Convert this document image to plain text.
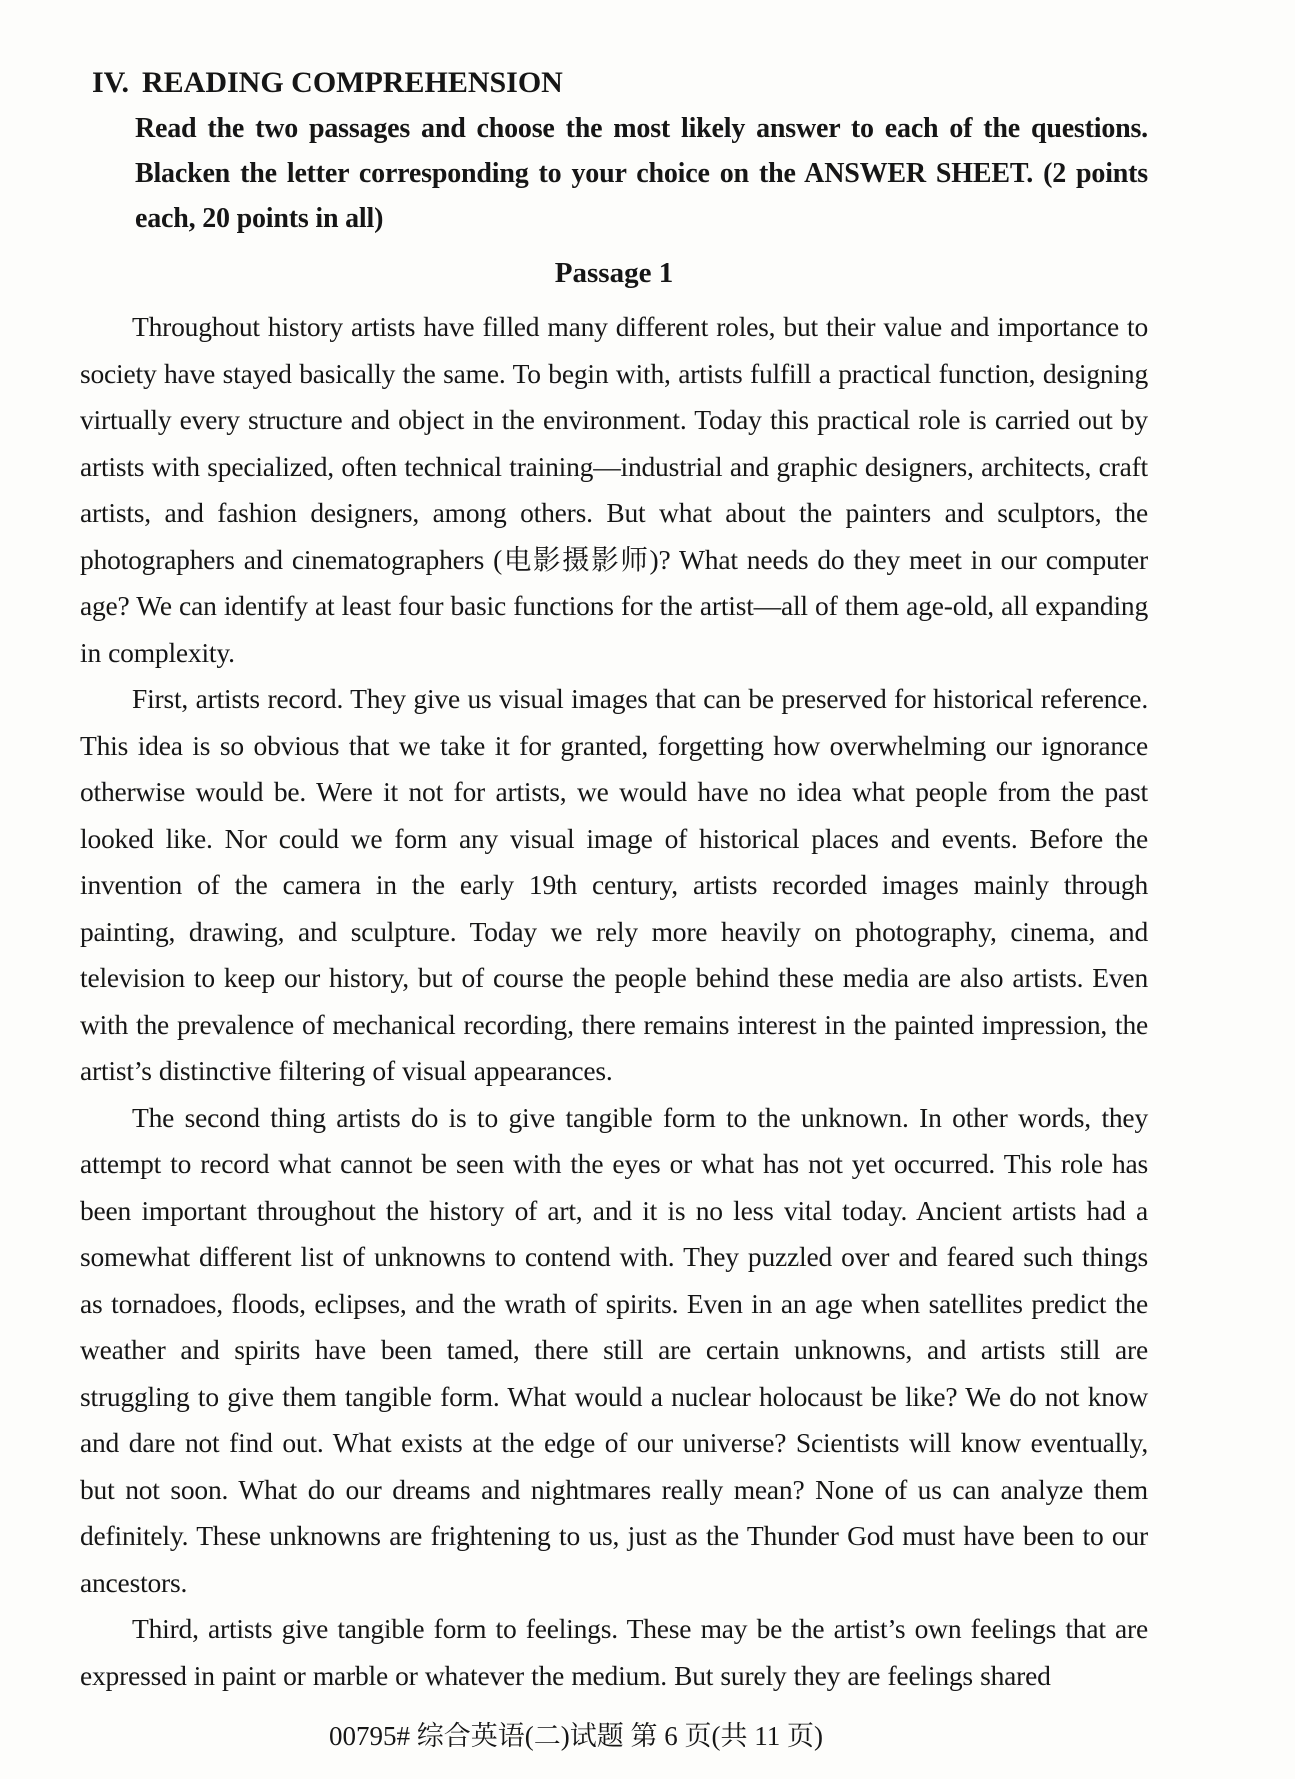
IV. READING COMPREHENSION
Read the two passages and choose the most likely answer to each of the questions. Blacken the letter corresponding to your choice on the ANSWER SHEET. (2 points each, 20 points in all)
Passage 1

Throughout history artists have filled many different roles, but their value and importance to society have stayed basically the same. To begin with, artists fulfill a practical function, designing virtually every structure and object in the environment. Today this practical role is carried out by artists with specialized, often technical training—industrial and graphic designers, architects, craft artists, and fashion designers, among others. But what about the painters and sculptors, the photographers and cinematographers (电影摄影师)? What needs do they meet in our computer age? We can identify at least four basic functions for the artist—all of them age-old, all expanding in complexity.

First, artists record. They give us visual images that can be preserved for historical reference. This idea is so obvious that we take it for granted, forgetting how overwhelming our ignorance otherwise would be. Were it not for artists, we would have no idea what people from the past looked like. Nor could we form any visual image of historical places and events. Before the invention of the camera in the early 19th century, artists recorded images mainly through painting, drawing, and sculpture. Today we rely more heavily on photography, cinema, and television to keep our history, but of course the people behind these media are also artists. Even with the prevalence of mechanical recording, there remains interest in the painted impression, the artist’s distinctive filtering of visual appearances.

The second thing artists do is to give tangible form to the unknown. In other words, they attempt to record what cannot be seen with the eyes or what has not yet occurred. This role has been important throughout the history of art, and it is no less vital today. Ancient artists had a somewhat different list of unknowns to contend with. They puzzled over and feared such things as tornadoes, floods, eclipses, and the wrath of spirits. Even in an age when satellites predict the weather and spirits have been tamed, there still are certain unknowns, and artists still are struggling to give them tangible form. What would a nuclear holocaust be like? We do not know and dare not find out. What exists at the edge of our universe? Scientists will know eventually, but not soon. What do our dreams and nightmares really mean? None of us can analyze them definitely. These unknowns are frightening to us, just as the Thunder God must have been to our ancestors.

Third, artists give tangible form to feelings. These may be the artist’s own feelings that are expressed in paint or marble or whatever the medium. But surely they are feelings shared

00795# 综合英语(二)试题 第 6 页(共 11 页)
